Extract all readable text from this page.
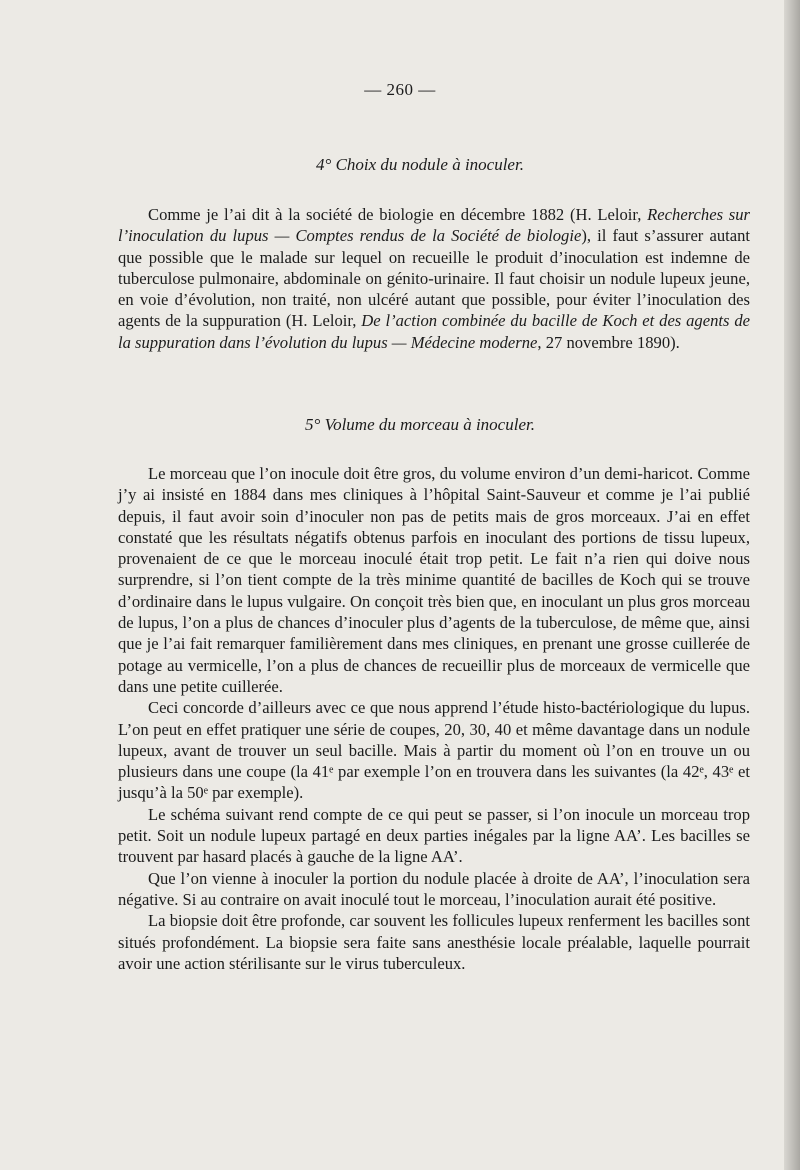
— 260 —
4° Choix du nodule à inoculer.

Comme je l’ai dit à la société de biologie en décembre 1882 (H. Leloir, Recherches sur l’inoculation du lupus — Comptes rendus de la Société de biologie), il faut s’assurer autant que possible que le malade sur lequel on recueille le produit d’inoculation est indemne de tuberculose pulmonaire, abdominale on génito-urinaire. Il faut choisir un nodule lupeux jeune, en voie d’évolution, non traité, non ulcéré autant que possible, pour éviter l’inoculation des agents de la suppuration (H. Leloir, De l’action combinée du bacille de Koch et des agents de la suppuration dans l’évolution du lupus — Médecine moderne, 27 novembre 1890).

5° Volume du morceau à inoculer.

Le morceau que l’on inocule doit être gros, du volume environ d’un demi-haricot. Comme j’y ai insisté en 1884 dans mes cliniques à l’hôpital Saint-Sauveur et comme je l’ai publié depuis, il faut avoir soin d’inoculer non pas de petits mais de gros morceaux. J’ai en effet constaté que les résultats négatifs obtenus parfois en inoculant des portions de tissu lupeux, provenaient de ce que le morceau inoculé était trop petit. Le fait n’a rien qui doive nous surprendre, si l’on tient compte de la très minime quantité de bacilles de Koch qui se trouve d’ordinaire dans le lupus vulgaire. On conçoit très bien que, en inoculant un plus gros morceau de lupus, l’on a plus de chances d’inoculer plus d’agents de la tuberculose, de même que, ainsi que je l’ai fait remarquer familièrement dans mes cliniques, en prenant une grosse cuillerée de potage au vermicelle, l’on a plus de chances de recueillir plus de morceaux de vermicelle que dans une petite cuillerée.

Ceci concorde d’ailleurs avec ce que nous apprend l’étude histo-bactériologique du lupus. L’on peut en effet pratiquer une série de coupes, 20, 30, 40 et même davantage dans un nodule lupeux, avant de trouver un seul bacille. Mais à partir du moment où l’on en trouve un ou plusieurs dans une coupe (la 41ᵉ par exemple l’on en trouvera dans les suivantes (la 42ᵉ, 43ᵉ et jusqu’à la 50ᵉ par exemple).

Le schéma suivant rend compte de ce qui peut se passer, si l’on inocule un morceau trop petit. Soit un nodule lupeux partagé en deux parties inégales par la ligne AA’. Les bacilles se trouvent par hasard placés à gauche de la ligne AA’.

Que l’on vienne à inoculer la portion du nodule placée à droite de AA’, l’inoculation sera négative. Si au contraire on avait inoculé tout le morceau, l’inoculation aurait été positive.

La biopsie doit être profonde, car souvent les follicules lupeux renferment les bacilles sont situés profondément. La biopsie sera faite sans anesthésie locale préalable, laquelle pourrait avoir une action stérilisante sur le virus tuberculeux.
